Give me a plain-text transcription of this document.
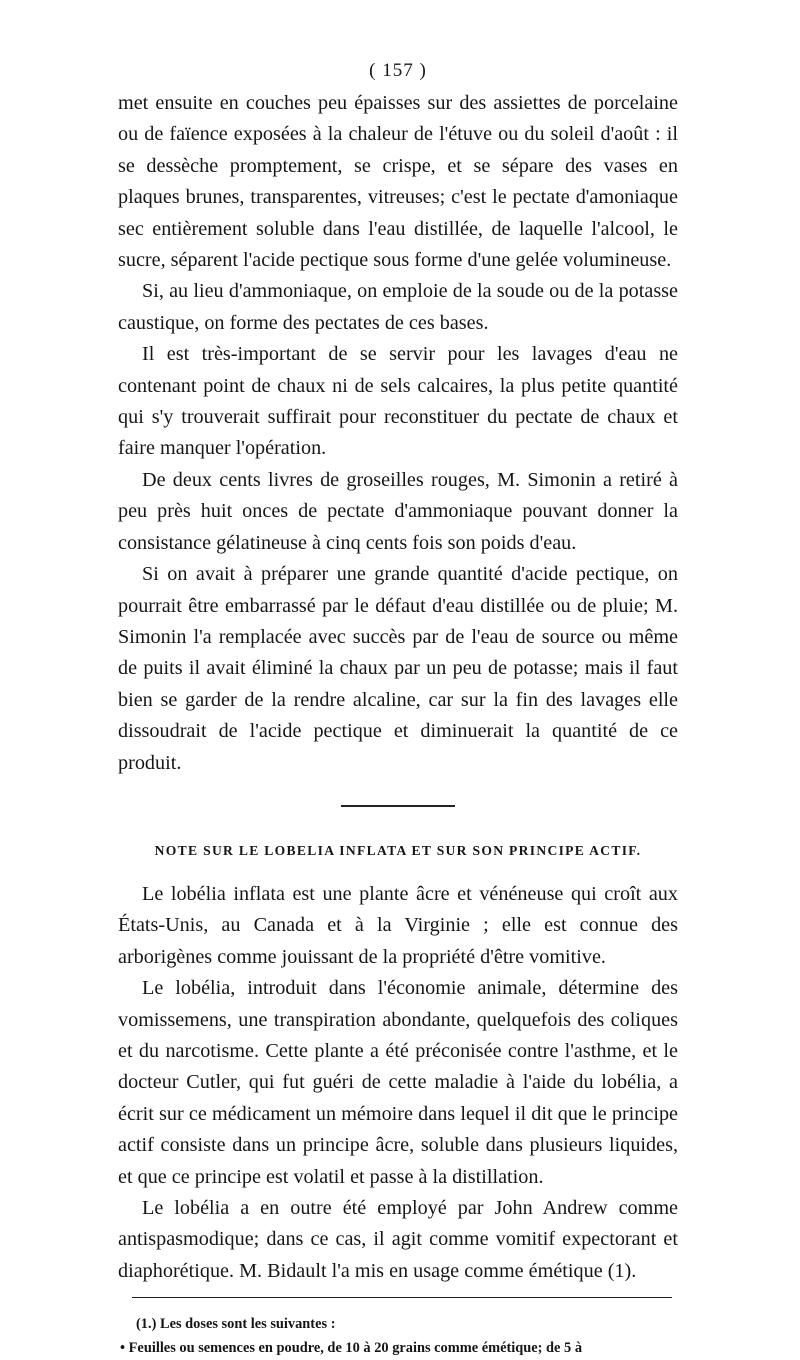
( 157 )

met ensuite en couches peu épaisses sur des assiettes de porcelaine ou de faïence exposées à la chaleur de l'étuve ou du soleil d'août : il se dessèche promptement, se crispe, et se sépare des vases en plaques brunes, transparentes, vitreuses; c'est le pectate d'amoniaque sec entièrement soluble dans l'eau distillée, de laquelle l'alcool, le sucre, séparent l'acide pectique sous forme d'une gelée volumineuse.

Si, au lieu d'ammoniaque, on emploie de la soude ou de la potasse caustique, on forme des pectates de ces bases.

Il est très-important de se servir pour les lavages d'eau ne contenant point de chaux ni de sels calcaires, la plus petite quantité qui s'y trouverait suffirait pour reconstituer du pectate de chaux et faire manquer l'opération.

De deux cents livres de groseilles rouges, M. Simonin a retiré à peu près huit onces de pectate d'ammoniaque pouvant donner la consistance gélatineuse à cinq cents fois son poids d'eau.

Si on avait à préparer une grande quantité d'acide pectique, on pourrait être embarrassé par le défaut d'eau distillée ou de pluie; M. Simonin l'a remplacée avec succès par de l'eau de source ou même de puits il avait éliminé la chaux par un peu de potasse; mais il faut bien se garder de la rendre alcaline, car sur la fin des lavages elle dissoudrait de l'acide pectique et diminuerait la quantité de ce produit.

NOTE SUR LE LOBELIA INFLATA ET SUR SON PRINCIPE ACTIF.

Le lobélia inflata est une plante âcre et vénéneuse qui croît aux États-Unis, au Canada et à la Virginie ; elle est connue des arborigènes comme jouissant de la propriété d'être vomitive.

Le lobélia, introduit dans l'économie animale, détermine des vomissemens, une transpiration abondante, quelquefois des coliques et du narcotisme. Cette plante a été préconisée contre l'asthme, et le docteur Cutler, qui fut guéri de cette maladie à l'aide du lobélia, a écrit sur ce médicament un mémoire dans lequel il dit que le principe actif consiste dans un principe âcre, soluble dans plusieurs liquides, et que ce principe est volatil et passe à la distillation.

Le lobélia a en outre été employé par John Andrew comme antispasmodique; dans ce cas, il agit comme vomitif expectorant et diaphorétique. M. Bidault l'a mis en usage comme émétique (1).

(1.) Les doses sont les suivantes :

• Feuilles ou semences en poudre, de 10 à 20 grains comme émétique; de 5 à
